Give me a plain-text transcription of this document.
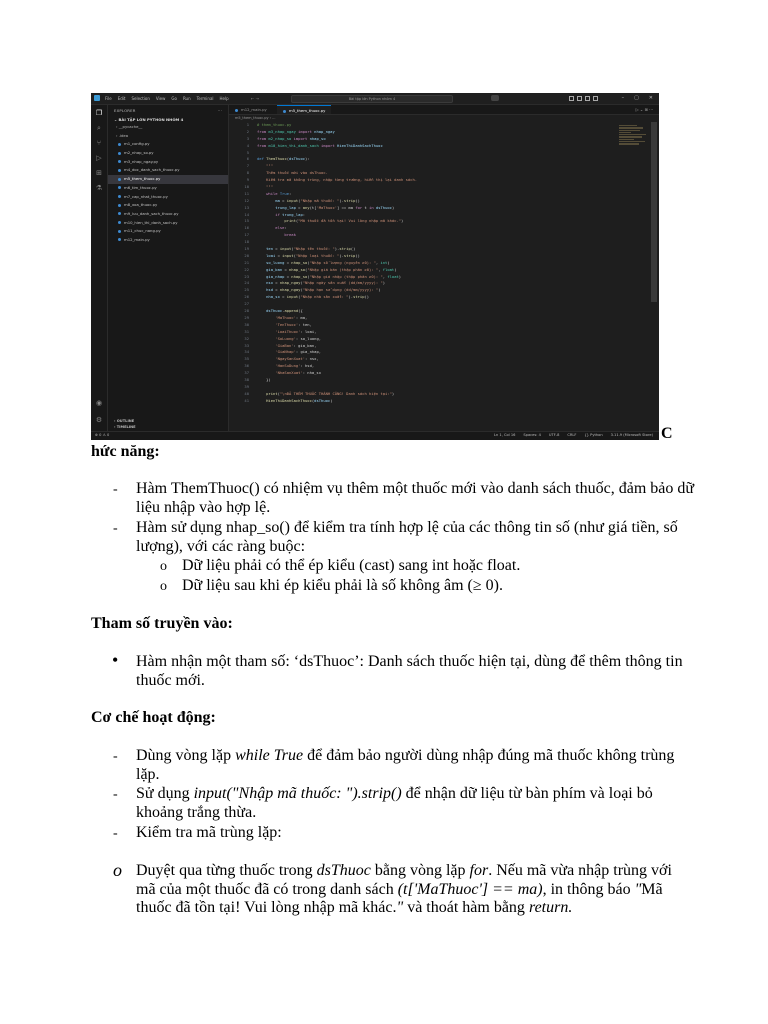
File Edit Selection View Go Run Terminal Help	← →	Bài tập lớn Python nhóm 4	– ▢ ✕
❐
⌕
⑂
▷
⊞
⚗
◉
⚙
EXPLORER	···
⌄ BÀI TẬP LỚN PYTHON NHÓM 4
› __pycache__
› .idea
m1_config.py
m2_nhap_so.py
m3_nhap_ngay.py
m4_doc_danh_sach_thuoc.py
m5_them_thuoc.py
m6_tim_thuoc.py
m7_cap_nhat_thuoc.py
m8_xoa_thuoc.py
m9_luu_danh_sach_thuoc.py
m10_hien_thi_danh_sach.py
m11_chuc_nang.py
m12_main.py
› OUTLINE
› TIMELINE
▷ ⌄ ⊞ ···
m12_main.py	m5_them_thuoc.py
m5_them_thuoc.py › ...
1 # them_thuoc.py
2 from m3_nhap_ngay import nhap_ngay
3 from m2_nhap_so import nhap_so
4 from m10_hien_thi_danh_sach import HienThiDanhSachThuoc
5
6 def ThemThuoc(dsThuoc):
7    """
8    Thêm thuốc mới vào dsThuoc.
9    Kiểm tra mã không trùng, nhập từng trường, hiển thị lại danh sách.
10    """
11    while True:
12        ma = input("Nhập mã thuốc: ").strip()
13        trung_lap = any(t['MaThuoc'] == ma for t in dsThuoc)
14        if trung_lap:
15            print("Mã thuốc đã tồn tại! Vui lòng nhập mã khác.")
16        else:
17            break
18
19    ten = input("Nhập tên thuốc: ").strip()
20    loai = input("Nhập loại thuốc: ").strip()
21    so_luong = nhap_so("Nhập số lượng (nguyên ≥0): ", int)
22    gia_ban = nhap_so("Nhập giá bán (thập phân ≥0): ", float)
23    gia_nhap = nhap_so("Nhập giá nhập (thập phân ≥0): ", float)
24    nsx = nhap_ngay("Nhập ngày sản xuất (dd/mm/yyyy): ")
25    hsd = nhap_ngay("Nhập hạn sử dụng (dd/mm/yyyy): ")
26    nha_sx = input("Nhập nhà sản xuất: ").strip()
27
28    dsThuoc.append({
29        'MaThuoc': ma,
30        'TenThuoc': ten,
31        'LoaiThuoc': loai,
32        'SoLuong': so_luong,
33        'GiaBan': gia_ban,
34        'GiaNhap': gia_nhap,
35        'NgaySanXuat': nsx,
36        'HanSuDung': hsd,
37        'NhaSanXuat': nha_sx
38    })
39
40    print("\nĐÃ THÊM THUỐC THÀNH CÔNG! Danh sách hiện tại:")
41    HienThiDanhSachThuoc(dsThuoc)
⊗ 0 ⚠ 0	Ln 1, Col 16 Spaces: 4 UTF-8 CRLF {} Python 3.11.9 (Microsoft Store) C
hức năng:
- Hàm ThemThuoc() có nhiệm vụ thêm một thuốc mới vào danh sách thuốc, đảm bảo dữ liệu nhập vào hợp lệ.
- Hàm sử dụng nhap_so() để kiểm tra tính hợp lệ của các thông tin số (như giá tiền, số lượng), với các ràng buộc:
o Dữ liệu phải có thể ép kiểu (cast) sang int hoặc float.
o Dữ liệu sau khi ép kiểu phải là số không âm (≥ 0).
Tham số truyền vào:
• Hàm nhận một tham số: ‘dsThuoc’: Danh sách thuốc hiện tại, dùng để thêm thông tin thuốc mới.
Cơ chế hoạt động:
- Dùng vòng lặp while True để đảm bảo người dùng nhập đúng mã thuốc không trùng lặp.
- Sử dụng input("Nhập mã thuốc: ").strip() để nhận dữ liệu từ bàn phím và loại bỏ khoảng trắng thừa.
- Kiểm tra mã trùng lặp:
o Duyệt qua từng thuốc trong dsThuoc bằng vòng lặp for. Nếu mã vừa nhập trùng với mã của một thuốc đã có trong danh sách (t['MaThuoc'] == ma), in thông báo "Mã thuốc đã tồn tại! Vui lòng nhập mã khác." và thoát hàm bằng return.
